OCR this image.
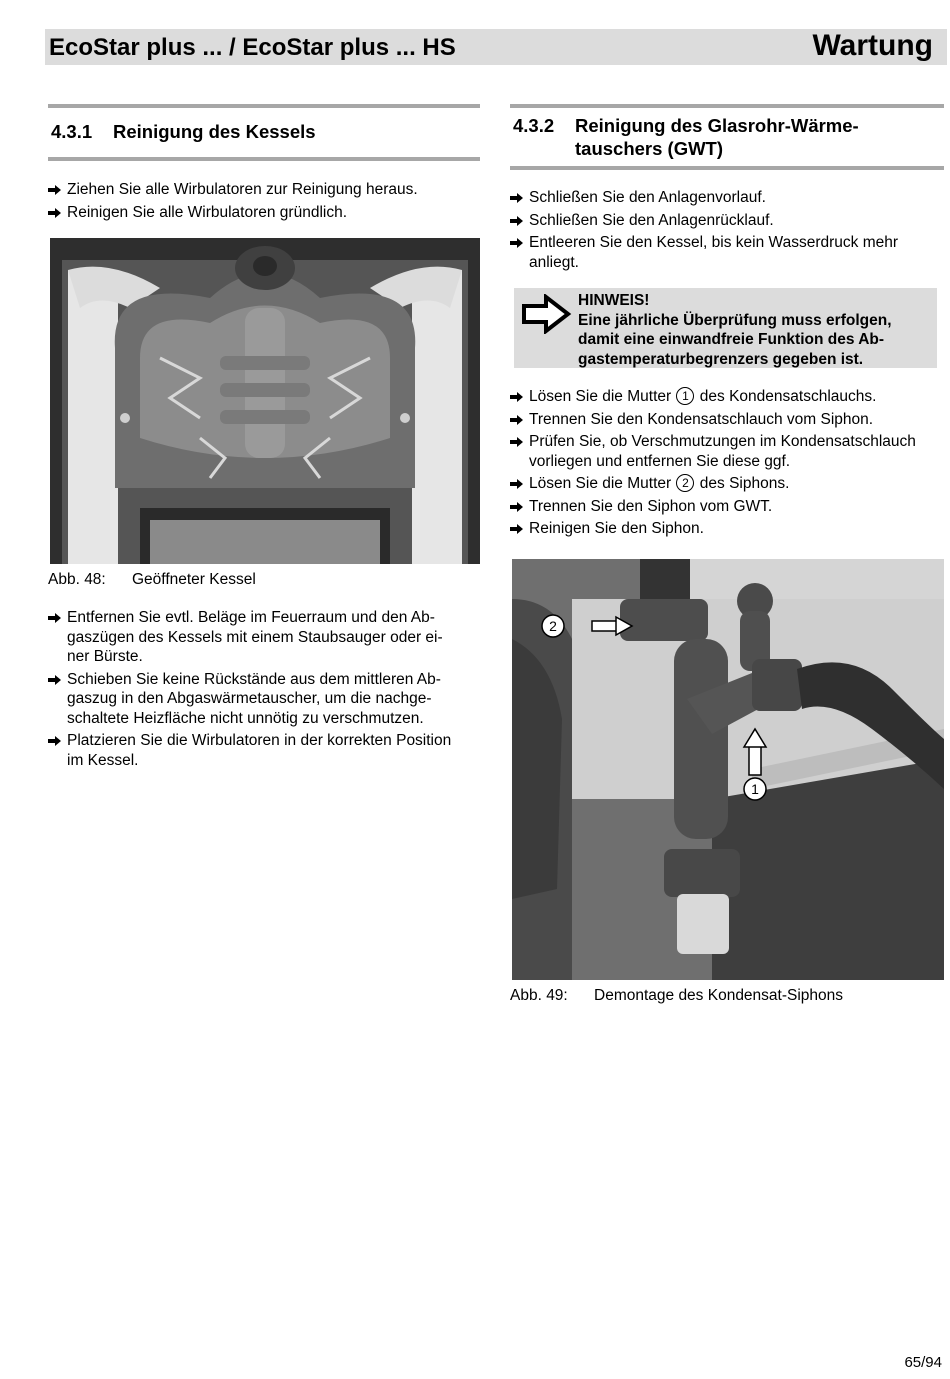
EcoStar plus ... / EcoStar plus ... HS	Wartung
4.3.1	Reinigung des Kessels
Ziehen Sie alle Wirbulatoren zur Reinigung heraus.
Reinigen Sie alle Wirbulatoren gründlich.
Abb. 48:	Geöffneter Kessel
Entfernen Sie evtl. Beläge im Feuerraum und den Ab-
gaszügen des Kessels mit einem Staubsauger oder ei-
ner Bürste.
Schieben Sie keine Rückstände aus dem mittleren Ab-
gaszug in den Abgaswärmetauscher, um die nachge-
schaltete Heizfläche nicht unnötig zu verschmutzen.
Platzieren Sie die Wirbulatoren in der korrekten Position
im Kessel.
4.3.2	Reinigung des Glasrohr-Wärme-
tauschers (GWT)
Schließen Sie den Anlagenvorlauf.
Schließen Sie den Anlagenrücklauf.
Entleeren Sie den Kessel, bis kein Wasserdruck mehr
anliegt.
HINWEIS!
Eine jährliche Überprüfung muss erfolgen,
damit eine einwandfreie Funktion des Ab-
gastemperaturbegrenzers gegeben ist.
Lösen Sie die Mutter 1 des Kondensatschlauchs.
Trennen Sie den Kondensatschlauch vom Siphon.
Prüfen Sie, ob Verschmutzungen im Kondensatschlauch
vorliegen und entfernen Sie diese ggf.
Lösen Sie die Mutter 2 des Siphons.
Trennen Sie den Siphon vom GWT.
Reinigen Sie den Siphon.
2
1
Abb. 49:	Demontage des Kondensat-Siphons
65/94
